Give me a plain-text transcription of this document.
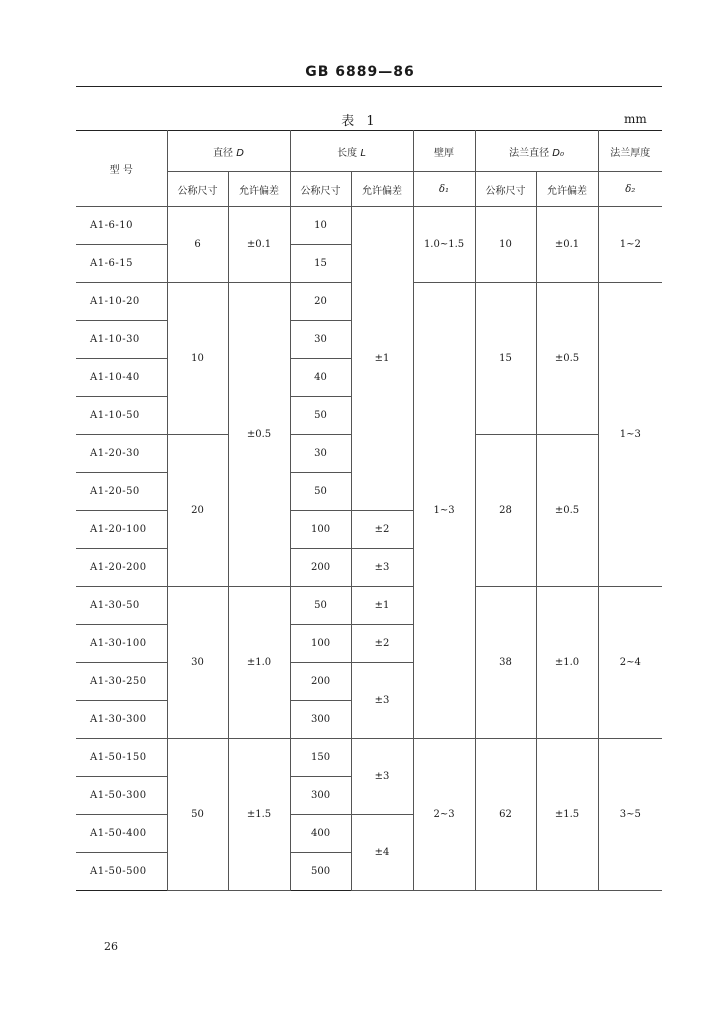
GB 6889—86
表 1	mm
型 号	直径 D		长度 L		壁厚	法兰直径 D₀		法兰厚度
	公称尺寸	允许偏差	公称尺寸	允许偏差	δ₁	公称尺寸	允许偏差	δ₂
A1-6-10	6	±0.1	10	±1	1.0~1.5	10	±0.1	1~2
A1-6-15			15					
A1-10-20	10	±0.5	20		1~3	15	±0.5	1~3
A1-10-30			30					
A1-10-40			40					
A1-10-50			50					
A1-20-30	20		30			28	±0.5	
A1-20-50			50					
A1-20-100			100	±2				
A1-20-200			200	±3				
A1-30-50	30	±1.0	50	±1		38	±1.0	2~4
A1-30-100			100	±2				
A1-30-250			200	±3				
A1-30-300			300					
A1-50-150	50	±1.5	150	±3	2~3	62	±1.5	3~5
A1-50-300			300					
A1-50-400			400	±4				
A1-50-500			500					
26
